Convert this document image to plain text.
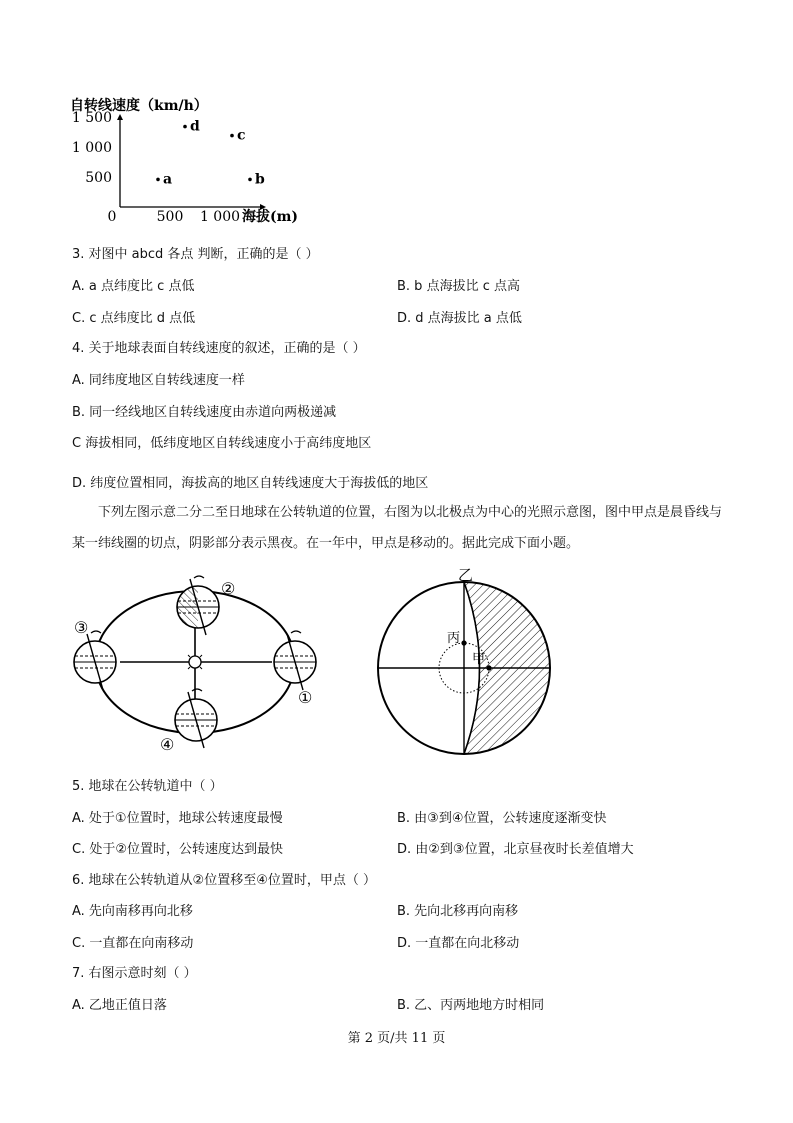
自转线速度（km/h）
0	500 1 000
500
1 000
1 500
a	b
c
d
海拔(m)
3. 对图中 abcd 各点 判断，正确的是（ ）
A. a 点纬度比 c 点低	B. b 点海拔比 c 点高
C. c 点纬度比 d 点低	D. d 点海拔比 a 点低
4. 关于地球表面自转线速度的叙述，正确的是（ ）
A. 同纬度地区自转线速度一样
B. 同一经线地区自转线速度由赤道向两极递减
C 海拔相同，低纬度地区自转线速度小于高纬度地区
D. 纬度位置相同，海拔高的地区自转线速度大于海拔低的地区
下列左图示意二分二至日地球在公转轨道的位置，右图为以北极点为中心的光照示意图，图中甲点是晨昏线与某一纬线圈的切点，阴影部分表示黑夜。在一年中，甲点是移动的。据此完成下面小题。
②
③
①
④
乙
丙
甲
5. 地球在公转轨道中（ ）
A. 处于①位置时，地球公转速度最慢	B. 由③到④位置，公转速度逐渐变快
C. 处于②位置时，公转速度达到最快	D. 由②到③位置，北京昼夜时长差值增大
6. 地球在公转轨道从②位置移至④位置时，甲点（ ）
A. 先向南移再向北移	B. 先向北移再向南移
C. 一直都在向南移动	D. 一直都在向北移动
7. 右图示意时刻（ ）
A. 乙地正值日落	B. 乙、丙两地地方时相同
第 2 页/共 11 页
